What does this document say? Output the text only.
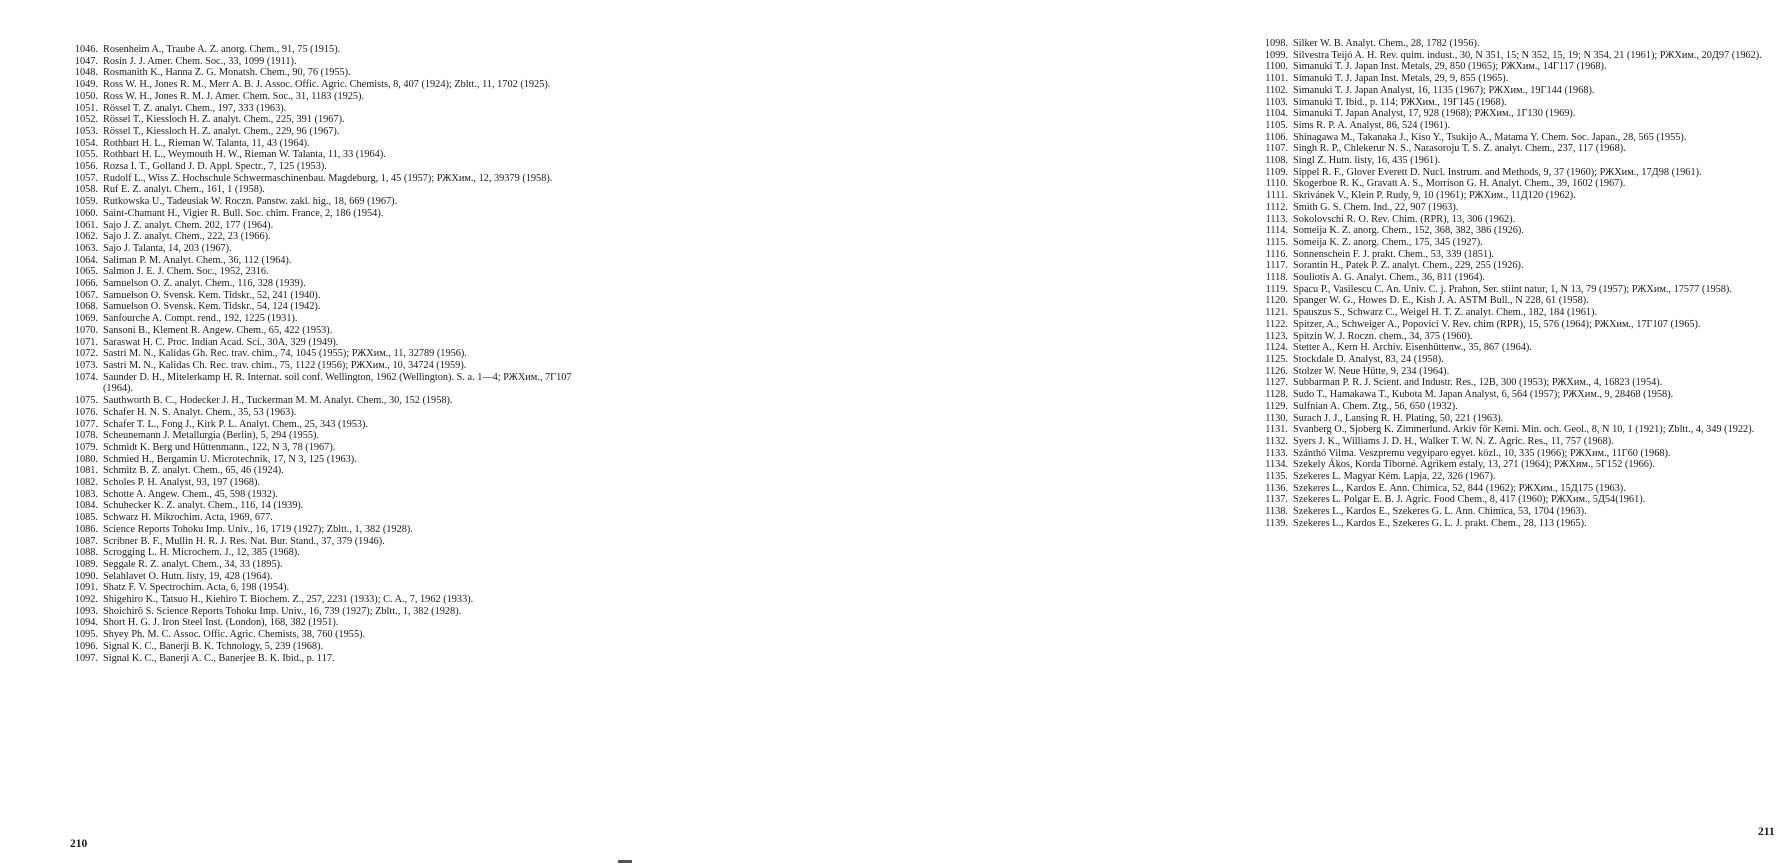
1046. Rosenheim A., Traube A. Z. anorg. Chem., 91, 75 (1915).
1047. Rosin J. J. Amer. Chem. Soc., 33, 1099 (1911).
1048. Rosmanith K., Hanna Z. G. Monatsh. Chem., 90, 76 (1955).
1049. Ross W. H., Jones R. M., Merr A. B. J. Assoc. Offic. Agric. Chemists, 8, 407 (1924); Zbltt., 11, 1702 (1925).
1050. Ross W. H., Jones R. M. J. Amer. Chem. Soc., 31, 1183 (1925).
1051. Rössel T. Z. analyt. Chem., 197, 333 (1963).
1052. Rössel T., Kiessloch H. Z. analyt. Chem., 225, 391 (1967).
1053. Rössel T., Kiessloch H. Z. analyt. Chem., 229, 96 (1967).
1054. Rothbart H. L., Rieman W. Talanta, 11, 43 (1964).
1055. Rothbart H. L., Weymouth H. W., Rieman W. Talanta, 11, 33 (1964).
1056. Rozsa I. T., Golland J. D. Appl. Spectr., 7, 125 (1953).
1057. Rudolf L., Wiss Z. Hochschule Schwermaschinenbau. Magdeburg, 1, 45 (1957); РЖХим., 12, 39379 (1958).
1058. Ruf E. Z. analyt. Chem., 161, 1 (1958).
1059. Rutkowska U., Tadeusiak W. Roczn. Panstw. zakl. hig., 18, 669 (1967).
1060. Saint-Chamant H., Vigier R. Bull. Soc. chim. France, 2, 186 (1954).
1061. Sajo J. Z. analyt. Chem. 202, 177 (1964).
1062. Sajo J. Z. analyt. Chem., 222, 23 (1966).
1063. Sajo J. Talanta, 14, 203 (1967).
1064. Saliman P. M. Analyt. Chem., 36, 112 (1964).
1065. Salmon J. E. J. Chem. Soc., 1952, 2316.
1066. Samuelson O. Z. analyt. Chem., 116, 328 (1939).
1067. Samuelson O. Svensk. Kem. Tidskr., 52, 241 (1940).
1068. Samuelson O. Svensk. Kem. Tidskr., 54, 124 (1942).
1069. Sanfourche A. Compt. rend., 192, 1225 (1931).
1070. Sansoni B., Klement R. Angew. Chem., 65, 422 (1953).
1071. Saraswat H. C. Proc. Indian Acad. Sci., 30A, 329 (1949).
1072. Sastri M. N., Kalidas Gh. Rec. trav. chim., 74, 1045 (1955); РЖХим., 11, 32789 (1956).
1073. Sastri M. N., Kalidas Ch. Rec. trav. chim., 75, 1122 (1956); РЖХим., 10, 34724 (1959).
1074. Saunder D. H., Mitelerkamp H. R. Internat. soil conf. Wellington, 1962 (Wellington). S. a. 1—4; РЖХим., 7Г107 (1964).
1075. Sauthworth B. C., Hodecker J. H., Tuckerman M. M. Analyt. Chem., 30, 152 (1958).
1076. Schafer H. N. S. Analyt. Chem., 35, 53 (1963).
1077. Schafer T. L., Fong J., Kirk P. L. Analyt. Chem., 25, 343 (1953).
1078. Scheunemann J. Metallurgia (Berlin), 5, 294 (1955).
1079. Schmidt K. Berg und Hüttenmann., 122, N 3, 78 (1967).
1080. Schmied H., Bergamin U. Microtechnik, 17, N 3, 125 (1963).
1081. Schmitz B. Z. analyt. Chem., 65, 46 (1924).
1082. Scholes P. H. Analyst, 93, 197 (1968).
1083. Schotte A. Angew. Chem., 45, 598 (1932).
1084. Schuhecker K. Z. analyt. Chem., 116, 14 (1939).
1085. Schwarz H. Mikrochim. Acta, 1969, 677.
1086. Science Reports Tohoku Imp. Univ., 16, 1719 (1927); Zbltt., 1, 382 (1928).
1087. Scribner B. F., Mullin H. R. J. Res. Nat. Bur. Stand., 37, 379 (1946).
1088. Scrogging L. H. Microchem. J., 12, 385 (1968).
1089. Seggale R. Z. analyt. Chem., 34, 33 (1895).
1090. Selahlavet O. Hutn. listy, 19, 428 (1964).
1091. Shatz F. V. Spectrochim. Acta, 6, 198 (1954).
1092. Shigehiro K., Tatsuo H., Kiehiro T. Biochem. Z., 257, 2231 (1933); C. A., 7, 1962 (1933).
1093. Shoichirô S. Science Reports Tohoku Imp. Univ., 16, 739 (1927); Zbltt., 1, 382 (1928).
1094. Short H. G. J. Iron Steel Inst. (London), 168, 382 (1951).
1095. Shyey Ph. M. C. Assoc. Offic. Agric. Chemists, 38, 760 (1955).
1096. Signal K. C., Banerji B. K. Tchnology, 5, 239 (1968).
1097. Signal K. C., Banerji A. C., Banerjee B. K. Ibid., p. 117.
210
1098. Silker W. B. Analyt. Chem., 28, 1782 (1956).
1099. Silvestra Teijó A. H. Rev. quim. indust., 30, N 351, 15; N 352, 15, 19; N 354, 21 (1961); РЖХим., 20Д97 (1962).
1100. Simanuki T. J. Japan Inst. Metals, 29, 850 (1965); РЖХим., 14Г117 (1968).
1101. Simanuki T. J. Japan Inst. Metals, 29, 9, 855 (1965).
1102. Simanuki T. J. Japan Analyst, 16, 1135 (1967); РЖХим., 19Г144 (1968).
1103. Simanuki T. Ibid., p. 114; РЖХим., 19Г145 (1968).
1104. Simanuki T. Japan Analyst, 17, 928 (1968); РЖХим., 1Г130 (1969).
1105. Sims R. P. A. Analyst, 86, 524 (1961).
1106. Shinagawa M., Takanaka J., Kiso Y., Tsukijo A., Matama Y. Chem. Soc. Japan., 28, 565 (1955).
1107. Singh R. P., Chlekerur N. S., Narasoroju T. S. Z. analyt. Chem., 237, 117 (1968).
1108. Singl Z. Hutn. listy, 16, 435 (1961).
1109. Sippel R. F., Glover Everett D. Nucl. Instrum. and Methods, 9, 37 (1960); РЖХим., 17Д98 (1961).
1110. Skogerboe R. K., Gravatt A. S., Morrison G. H. Analyt. Chem., 39, 1602 (1967).
1111. Skrivánek V., Klein P. Rudy, 9, 10 (1961); РЖХим., 11Д120 (1962).
1112. Smith G. S. Chem. Ind., 22, 907 (1963).
1113. Sokolovschi R. O. Rev. Chim. (RPR), 13, 306 (1962).
1114. Someija K. Z. anorg. Chem., 152, 368, 382, 386 (1926).
1115. Someija K. Z. anorg. Chem., 175, 345 (1927).
1116. Sonnenschein F. J. prakt. Chem., 53, 339 (1851).
1117. Sorantin H., Patek P. Z. analyt. Chem., 229, 255 (1926).
1118. Souliotis A. G. Analyt. Chem., 36, 811 (1964).
1119. Spacu P., Vasilescu C. An. Univ. C. j. Prahon, Ser. stiint natur, 1, N 13, 79 (1957); РЖХим., 17577 (1958).
1120. Spanger W. G., Howes D. E., Kish J. A. ASTM Bull., N 228, 61 (1958).
1121. Spauszus S., Schwarz C., Weigel H. T. Z. analyt. Chem., 182, 184 (1961).
1122. Spitzer, A., Schweiger A., Popovici V. Rev. chim (RPR), 15, 576 (1964); РЖХим., 17Г107 (1965).
1123. Spitzin W. J. Roczn. chem., 34, 375 (1960).
1124. Stetter A., Kern H. Archiv. Eisenhüttenw., 35, 867 (1964).
1125. Stockdale D. Analyst, 83, 24 (1958).
1126. Stolzer W. Neue Hütte, 9, 234 (1964).
1127. Subbarman P. R. J. Scient. and Industr. Res., 12B, 300 (1953); РЖХим., 4, 16823 (1954).
1128. Sudo T., Hamakawa T., Kubota M. Japan Analyst, 6, 564 (1957); РЖХим., 9, 28468 (1958).
1129. Sulfnian A. Chem. Ztg., 56, 650 (1932).
1130. Surach J. J., Lansing R. H. Plating, 50, 221 (1963).
1131. Svanberg O., Sjoberg K. Zimmerlund. Arkiv för Kemi. Min. och. Geol., 8, N 10, 1 (1921); Zbltt., 4, 349 (1922).
1132. Syers J. K., Williams J. D. H., Walker T. W. N. Z. Agric. Res., 11, 757 (1968).
1133. Szánthó Vilma. Veszpremu vegyiparo egyet. közl., 10, 335 (1966); РЖХим., 11Г60 (1968).
1134. Szekely Ákos, Korda Tiborné. Agrikem estaly, 13, 271 (1964); РЖХим., 5Г152 (1966).
1135. Szekeres L. Magyar Kém. Lapja, 22, 326 (1967).
1136. Szekeres L., Kardos E. Ann. Chimica, 52, 844 (1962); РЖХим., 15Д175 (1963).
1137. Szekeres L. Polgar E. B. J. Agric. Food Chem., 8, 417 (1960); РЖХим., 5Д54(1961).
1138. Szekeres L., Kardos E., Szekeres G. L. Ann. Chimica, 53, 1704 (1963).
1139. Szekeres L., Kardos E., Szekeres G. L. J. prakt. Chem., 28, 113 (1965).
211
